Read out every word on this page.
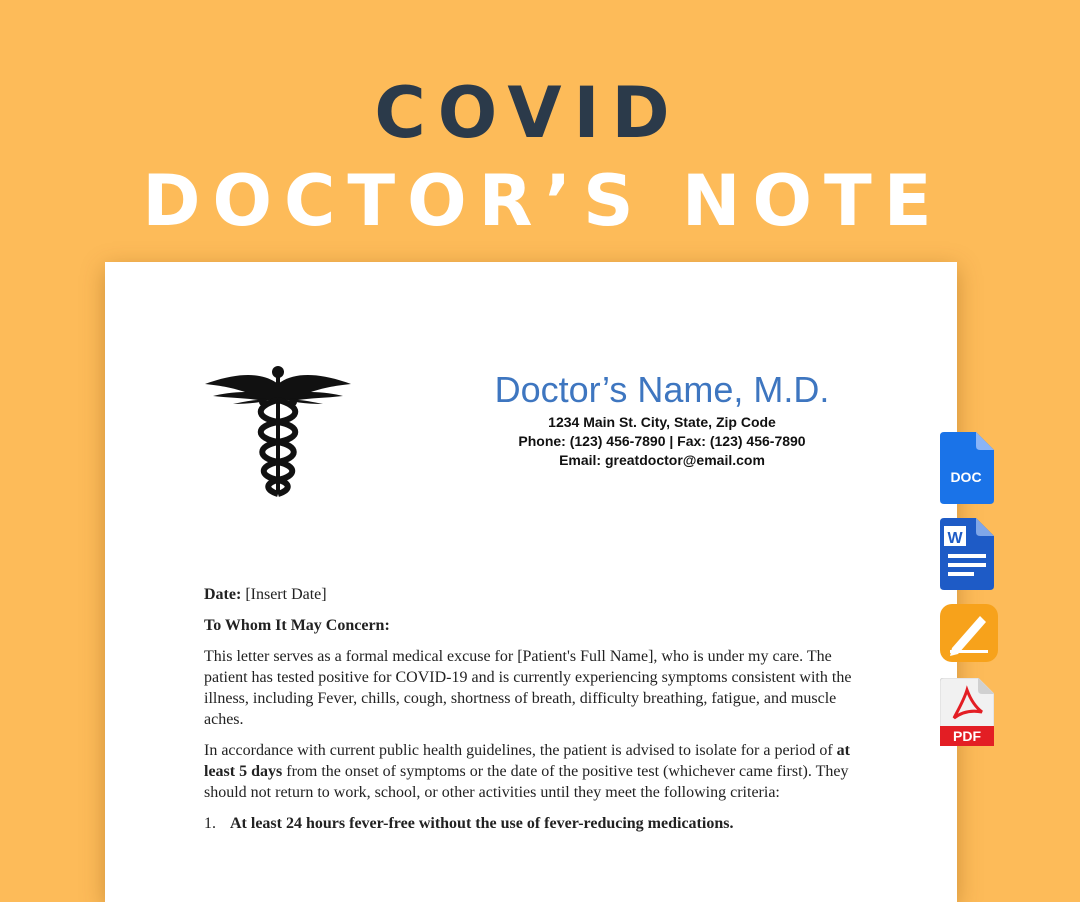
COVID
DOCTOR’S NOTE
Doctor’s Name, M.D.
1234 Main St. City, State, Zip Code
Phone: (123) 456-7890 | Fax: (123) 456-7890
Email: greatdoctor@email.com

Date: [Insert Date]

To Whom It May Concern:

This letter serves as a formal medical excuse for [Patient's Full Name], who is under my care. The patient has tested positive for COVID-19 and is currently experiencing symptoms consistent with the illness, including Fever, chills, cough, shortness of breath, difficulty breathing, fatigue, and muscle aches.

In accordance with current public health guidelines, the patient is advised to isolate for a period of at least 5 days from the onset of symptoms or the date of the positive test (whichever came first). They should not return to work, school, or other activities until they meet the following criteria:

1. At least 24 hours fever-free without the use of fever-reducing medications.
DOC
W
PDF
